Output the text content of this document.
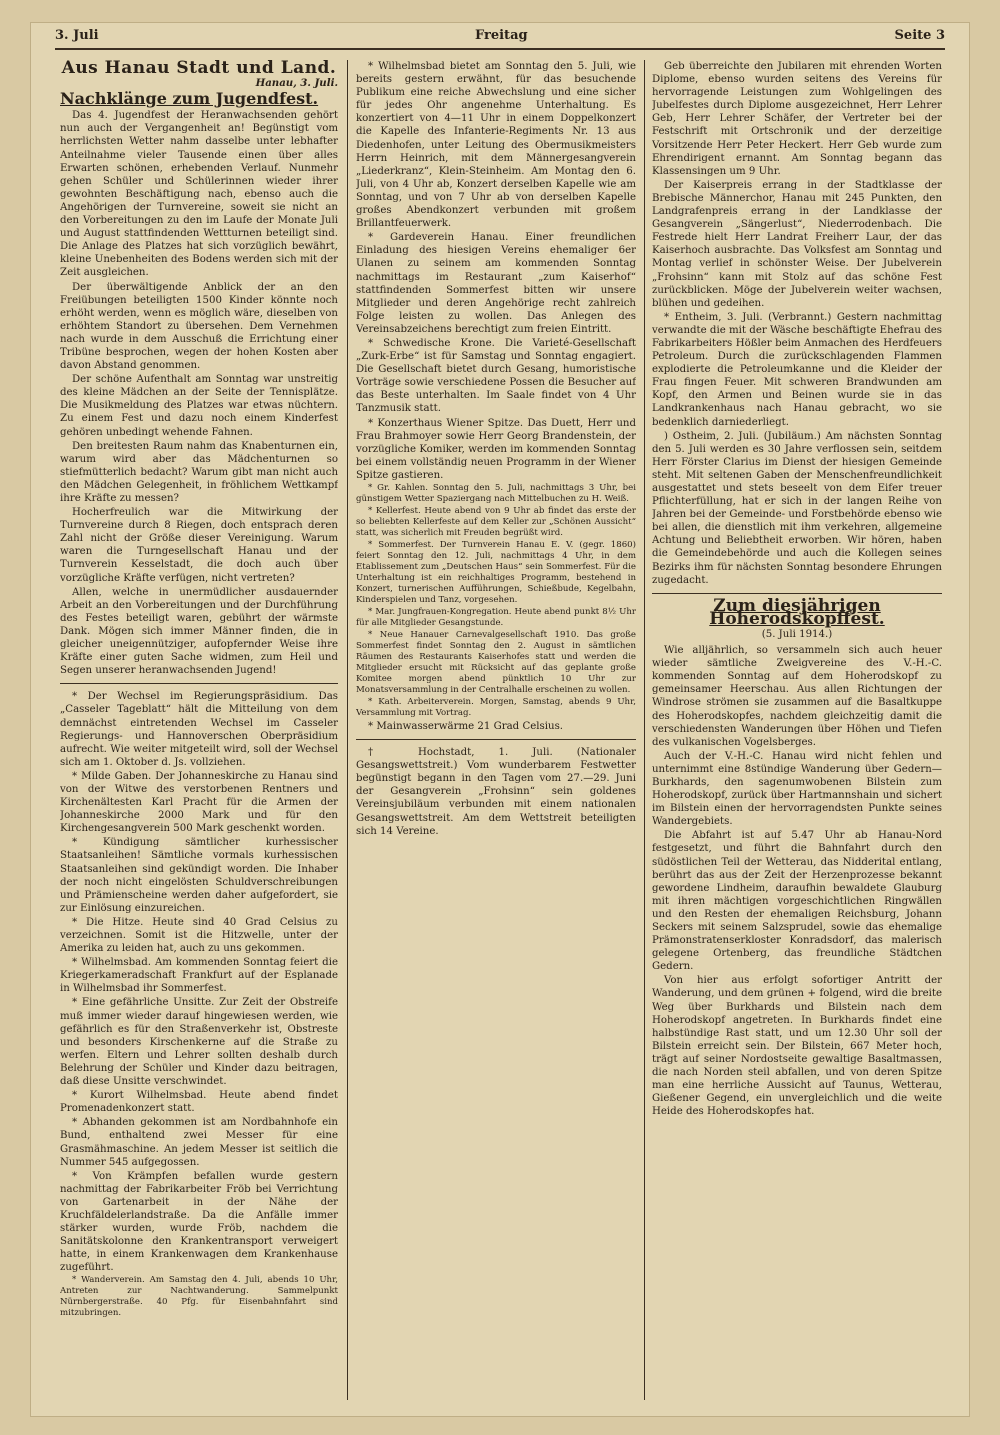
3. Juli	Freitag	Seite 3
Aus Hanau Stadt und Land.
Hanau, 3. Juli.
Nachklänge zum Jugendfest.

Das 4. Jugendfest der Heranwachsenden gehört nun auch der Vergangenheit an! Begünstigt vom herrlichsten Wetter nahm dasselbe unter lebhafter Anteilnahme vieler Tausende einen über alles Erwarten schönen, erhebenden Verlauf. Nunmehr gehen Schüler und Schülerinnen wieder ihrer gewohnten Beschäftigung nach, ebenso auch die Angehörigen der Turnvereine, soweit sie nicht an den Vorbereitungen zu den im Laufe der Monate Juli und August stattfindenden Wettturnen beteiligt sind. Die Anlage des Platzes hat sich vorzüglich bewährt, kleine Unebenheiten des Bodens werden sich mit der Zeit ausgleichen.

Der überwältigende Anblick der an den Freiübungen beteiligten 1500 Kinder könnte noch erhöht werden, wenn es möglich wäre, dieselben von erhöhtem Standort zu übersehen. Dem Vernehmen nach wurde in dem Ausschuß die Errichtung einer Tribüne besprochen, wegen der hohen Kosten aber davon Abstand genommen.

Der schöne Aufenthalt am Sonntag war unstreitig des kleine Mädchen an der Seite der Tennisplätze. Die Musikmeldung des Platzes war etwas nüchtern. Zu einem Fest und dazu noch einem Kinderfest gehören unbedingt wehende Fahnen.

Den breitesten Raum nahm das Knabenturnen ein, warum wird aber das Mädchenturnen so stiefmütterlich bedacht? Warum gibt man nicht auch den Mädchen Gelegenheit, in fröhlichem Wettkampf ihre Kräfte zu messen?

Hocherfreulich war die Mitwirkung der Turnvereine durch 8 Riegen, doch entsprach deren Zahl nicht der Größe dieser Vereinigung. Warum waren die Turngesellschaft Hanau und der Turnverein Kesselstadt, die doch auch über vorzügliche Kräfte verfügen, nicht vertreten?

Allen, welche in unermüdlicher ausdauernder Arbeit an den Vorbereitungen und der Durchführung des Festes beteiligt waren, gebührt der wärmste Dank. Mögen sich immer Männer finden, die in gleicher uneigennütziger, aufopfernder Weise ihre Kräfte einer guten Sache widmen, zum Heil und Segen unserer heranwachsenden Jugend!

* Der Wechsel im Regierungspräsidium. Das „Casseler Tageblatt“ hält die Mitteilung von dem demnächst eintretenden Wechsel im Casseler Regierungs- und Hannoverschen Oberpräsidium aufrecht. Wie weiter mitgeteilt wird, soll der Wechsel sich am 1. Oktober d. Js. vollziehen.

* Milde Gaben. Der Johanneskirche zu Hanau sind von der Witwe des verstorbenen Rentners und Kirchenältesten Karl Pracht für die Armen der Johanneskirche 2000 Mark und für den Kirchengesangverein 500 Mark geschenkt worden.

* Kündigung sämtlicher kurhessischer Staatsanleihen! Sämtliche vormals kurhessischen Staatsanleihen sind gekündigt worden. Die Inhaber der noch nicht eingelösten Schuldverschreibungen und Prämienscheine werden daher aufgefordert, sie zur Einlösung einzureichen.

* Die Hitze. Heute sind 40 Grad Celsius zu verzeichnen. Somit ist die Hitzwelle, unter der Amerika zu leiden hat, auch zu uns gekommen.

* Wilhelmsbad. Am kommenden Sonntag feiert die Kriegerkameradschaft Frankfurt auf der Esplanade in Wilhelmsbad ihr Sommerfest.

* Eine gefährliche Unsitte. Zur Zeit der Obstreife muß immer wieder darauf hingewiesen werden, wie gefährlich es für den Straßenverkehr ist, Obstreste und besonders Kirschenkerne auf die Straße zu werfen. Eltern und Lehrer sollten deshalb durch Belehrung der Schüler und Kinder dazu beitragen, daß diese Unsitte verschwindet.

* Kurort Wilhelmsbad. Heute abend findet Promenadenkonzert statt.

* Abhanden gekommen ist am Nordbahnhofe ein Bund, enthaltend zwei Messer für eine Grasmähmaschine. An jedem Messer ist seitlich die Nummer 545 aufgegossen.

* Von Krämpfen befallen wurde gestern nachmittag der Fabrikarbeiter Fröb bei Verrichtung von Gartenarbeit in der Nähe der Kruchfäldelerlandstraße. Da die Anfälle immer stärker wurden, wurde Fröb, nachdem die Sanitätskolonne den Krankentransport verweigert hatte, in einem Krankenwagen dem Krankenhause zugeführt.

* Wanderverein. Am Samstag den 4. Juli, abends 10 Uhr, Antreten zur Nachtwanderung. Sammelpunkt Nürnbergerstraße. 40 Pfg. für Eisenbahnfahrt sind mitzubringen.

* Wilhelmsbad bietet am Sonntag den 5. Juli, wie bereits gestern erwähnt, für das besuchende Publikum eine reiche Abwechslung und eine sicher für jedes Ohr angenehme Unterhaltung. Es konzertiert von 4—11 Uhr in einem Doppelkonzert die Kapelle des Infanterie-Regiments Nr. 13 aus Diedenhofen, unter Leitung des Obermusikmeisters Herrn Heinrich, mit dem Männergesangverein „Liederkranz“, Klein-Steinheim. Am Montag den 6. Juli, von 4 Uhr ab, Konzert derselben Kapelle wie am Sonntag, und von 7 Uhr ab von derselben Kapelle großes Abendkonzert verbunden mit großem Brillantfeuerwerk.

* Gardeverein Hanau. Einer freundlichen Einladung des hiesigen Vereins ehemaliger 6er Ulanen zu seinem am kommenden Sonntag nachmittags im Restaurant „zum Kaiserhof“ stattfindenden Sommerfest bitten wir unsere Mitglieder und deren Angehörige recht zahlreich Folge leisten zu wollen. Das Anlegen des Vereinsabzeichens berechtigt zum freien Eintritt.

* Schwedische Krone. Die Varieté-Gesellschaft „Zurk-Erbe“ ist für Samstag und Sonntag engagiert. Die Gesellschaft bietet durch Gesang, humoristische Vorträge sowie verschiedene Possen die Besucher auf das Beste unterhalten. Im Saale findet von 4 Uhr Tanzmusik statt.

* Konzerthaus Wiener Spitze. Das Duett, Herr und Frau Brahmoyer sowie Herr Georg Brandenstein, der vorzügliche Komiker, werden im kommenden Sonntag bei einem vollständig neuen Programm in der Wiener Spitze gastieren.

* Gr. Kahlen. Sonntag den 5. Juli, nachmittags 3 Uhr, bei günstigem Wetter Spaziergang nach Mittelbuchen zu H. Weiß.

* Kellerfest. Heute abend von 9 Uhr ab findet das erste der so beliebten Kellerfeste auf dem Keller zur „Schönen Aussicht“ statt, was sicherlich mit Freuden begrüßt wird.

* Sommerfest. Der Turnverein Hanau E. V. (gegr. 1860) feiert Sonntag den 12. Juli, nachmittags 4 Uhr, in dem Etablissement zum „Deutschen Haus“ sein Sommerfest. Für die Unterhaltung ist ein reichhaltiges Programm, bestehend in Konzert, turnerischen Aufführungen, Schießbude, Kegelbahn, Kinderspielen und Tanz, vorgesehen.

* Mar. Jungfrauen-Kongregation. Heute abend punkt 8½ Uhr für alle Mitglieder Gesangstunde.

* Neue Hanauer Carnevalgesellschaft 1910. Das große Sommerfest findet Sonntag den 2. August in sämtlichen Räumen des Restaurants Kaiserhofes statt und werden die Mitglieder ersucht mit Rücksicht auf das geplante große Komitee morgen abend pünktlich 10 Uhr zur Monatsversammlung in der Centralhalle erscheinen zu wollen.

* Kath. Arbeiterverein. Morgen, Samstag, abends 9 Uhr, Versammlung mit Vortrag.

* Mainwasserwärme 21 Grad Celsius.

† Hochstadt, 1. Juli. (Nationaler Gesangswettstreit.) Vom wunderbarem Festwetter begünstigt begann in den Tagen vom 27.—29. Juni der Gesangverein „Frohsinn“ sein goldenes Vereinsjubiläum verbunden mit einem nationalen Gesangswettstreit. Am dem Wettstreit beteiligten sich 14 Vereine.

Geb überreichte den Jubilaren mit ehrenden Worten Diplome, ebenso wurden seitens des Vereins für hervorragende Leistungen zum Wohlgelingen des Jubelfestes durch Diplome ausgezeichnet, Herr Lehrer Geb, Herr Lehrer Schäfer, der Vertreter bei der Festschrift mit Ortschronik und der derzeitige Vorsitzende Herr Peter Heckert. Herr Geb wurde zum Ehrendirigent ernannt. Am Sonntag begann das Klassensingen um 9 Uhr.

Der Kaiserpreis errang in der Stadtklasse der Brebische Männerchor, Hanau mit 245 Punkten, den Landgrafenpreis errang in der Landklasse der Gesangverein „Sängerlust“, Niederrodenbach. Die Festrede hielt Herr Landrat Freiherr Laur, der das Kaiserhoch ausbrachte. Das Volksfest am Sonntag und Montag verlief in schönster Weise. Der Jubelverein „Frohsinn“ kann mit Stolz auf das schöne Fest zurückblicken. Möge der Jubelverein weiter wachsen, blühen und gedeihen.

* Entheim, 3. Juli. (Verbrannt.) Gestern nachmittag verwandte die mit der Wäsche beschäftigte Ehefrau des Fabrikarbeiters Hößler beim Anmachen des Herdfeuers Petroleum. Durch die zurückschlagenden Flammen explodierte die Petroleumkanne und die Kleider der Frau fingen Feuer. Mit schweren Brandwunden am Kopf, den Armen und Beinen wurde sie in das Landkrankenhaus nach Hanau gebracht, wo sie bedenklich darniederliegt.

) Ostheim, 2. Juli. (Jubiläum.) Am nächsten Sonntag den 5. Juli werden es 30 Jahre verflossen sein, seitdem Herr Förster Clarius im Dienst der hiesigen Gemeinde steht. Mit seltenen Gaben der Menschenfreundlichkeit ausgestattet und stets beseelt von dem Eifer treuer Pflichterfüllung, hat er sich in der langen Reihe von Jahren bei der Gemeinde- und Forstbehörde ebenso wie bei allen, die dienstlich mit ihm verkehren, allgemeine Achtung und Beliebtheit erworben. Wir hören, haben die Gemeindebehörde und auch die Kollegen seines Bezirks ihm für nächsten Sonntag besondere Ehrungen zugedacht.

Zum diesjährigen Hoherodskopffest.
(5. Juli 1914.)

Wie alljährlich, so versammeln sich auch heuer wieder sämtliche Zweigvereine des V.-H.-C. kommenden Sonntag auf dem Hoherodskopf zu gemeinsamer Heerschau. Aus allen Richtungen der Windrose strömen sie zusammen auf die Basaltkuppe des Hoherodskopfes, nachdem gleichzeitig damit die verschiedensten Wanderungen über Höhen und Tiefen des vulkanischen Vogelsberges.

Auch der V.-H.-C. Hanau wird nicht fehlen und unternimmt eine 8stündige Wanderung über Gedern—Burkhards, den sagenumwobenen Bilstein zum Hoherodskopf, zurück über Hartmannshain und sichert im Bilstein einen der hervorragendsten Punkte seines Wandergebiets.

Die Abfahrt ist auf 5.47 Uhr ab Hanau-Nord festgesetzt, und führt die Bahnfahrt durch den südöstlichen Teil der Wetterau, das Nidderital entlang, berührt das aus der Zeit der Herzenprozesse bekannt gewordene Lindheim, daraufhin bewaldete Glauburg mit ihren mächtigen vorgeschichtlichen Ringwällen und den Resten der ehemaligen Reichsburg, Johann Seckers mit seinem Salzsprudel, sowie das ehemalige Prämonstratenserkloster Konradsdorf, das malerisch gelegene Ortenberg, das freundliche Städtchen Gedern.

Von hier aus erfolgt sofortiger Antritt der Wanderung, und dem grünen + folgend, wird die breite Weg über Burkhards und Bilstein nach dem Hoherodskopf angetreten. In Burkhards findet eine halbstündige Rast statt, und um 12.30 Uhr soll der Bilstein erreicht sein. Der Bilstein, 667 Meter hoch, trägt auf seiner Nordostseite gewaltige Basaltmassen, die nach Norden steil abfallen, und von deren Spitze man eine herrliche Aussicht auf Taunus, Wetterau, Gießener Gegend, ein unvergleichlich und die weite Heide des Hoherodskopfes hat.
